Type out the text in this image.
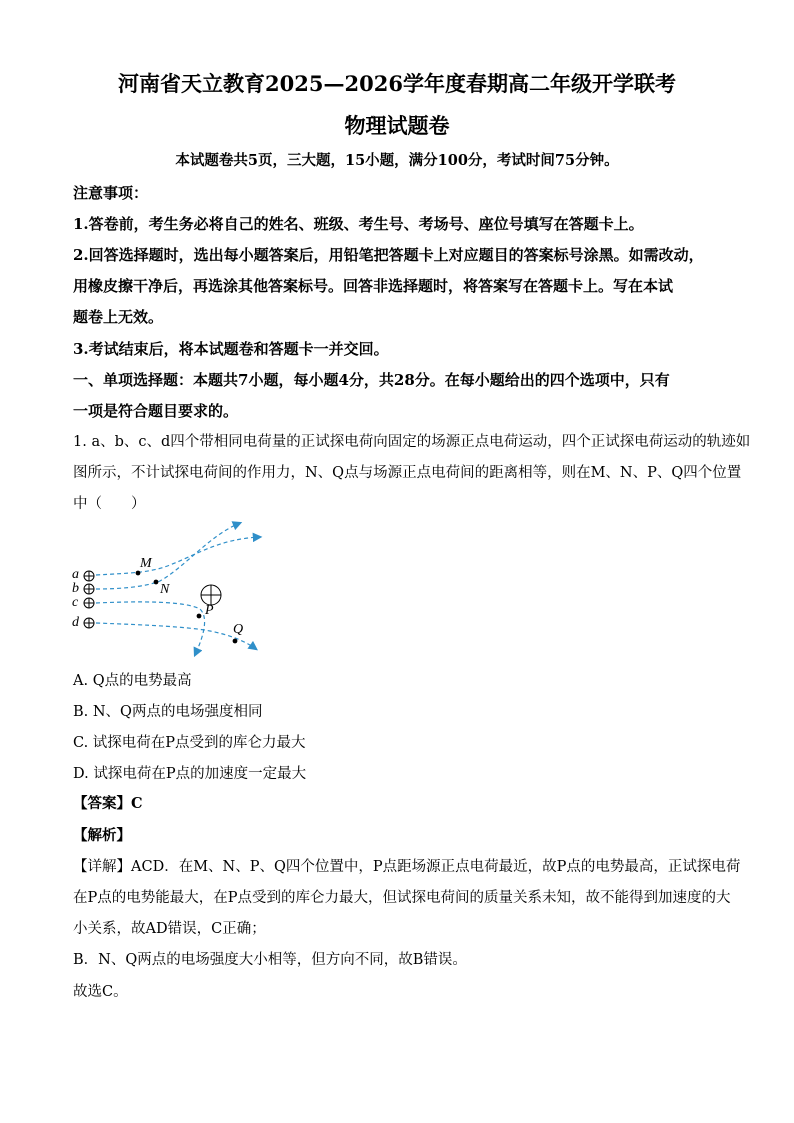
河南省天立教育2025—2026学年度春期高二年级开学联考
物理试题卷
本试题卷共5页，三大题，15小题，满分100分，考试时间75分钟。
注意事项：
1.答卷前，考生务必将自己的姓名、班级、考生号、考场号、座位号填写在答题卡上。
2.回答选择题时，选出每小题答案后，用铅笔把答题卡上对应题目的答案标号涂黑。如需改动，
用橡皮擦干净后，再选涂其他答案标号。回答非选择题时，将答案写在答题卡上。写在本试
题卷上无效。
3.考试结束后，将本试题卷和答题卡一并交回。
一、单项选择题：本题共7小题，每小题4分，共28分。在每小题给出的四个选项中，只有
一项是符合题目要求的。
1. a、b、c、d四个带相同电荷量的正试探电荷向固定的场源正点电荷运动，四个正试探电荷运动的轨迹如
图所示，不计试探电荷间的作用力，N、Q点与场源正点电荷间的距离相等，则在M、N、P、Q四个位置
中（　　）
a
b
c
d
M
N
P
Q
A. Q点的电势最高
B. N、Q两点的电场强度相同
C. 试探电荷在P点受到的库仑力最大
D. 试探电荷在P点的加速度一定最大
【答案】C
【解析】
【详解】ACD．在M、N、P、Q四个位置中，P点距场源正点电荷最近，故P点的电势最高，正试探电荷
在P点的电势能最大，在P点受到的库仑力最大，但试探电荷间的质量关系未知，故不能得到加速度的大
小关系，故AD错误，C正确；
B．N、Q两点的电场强度大小相等，但方向不同，故B错误。
故选C。
